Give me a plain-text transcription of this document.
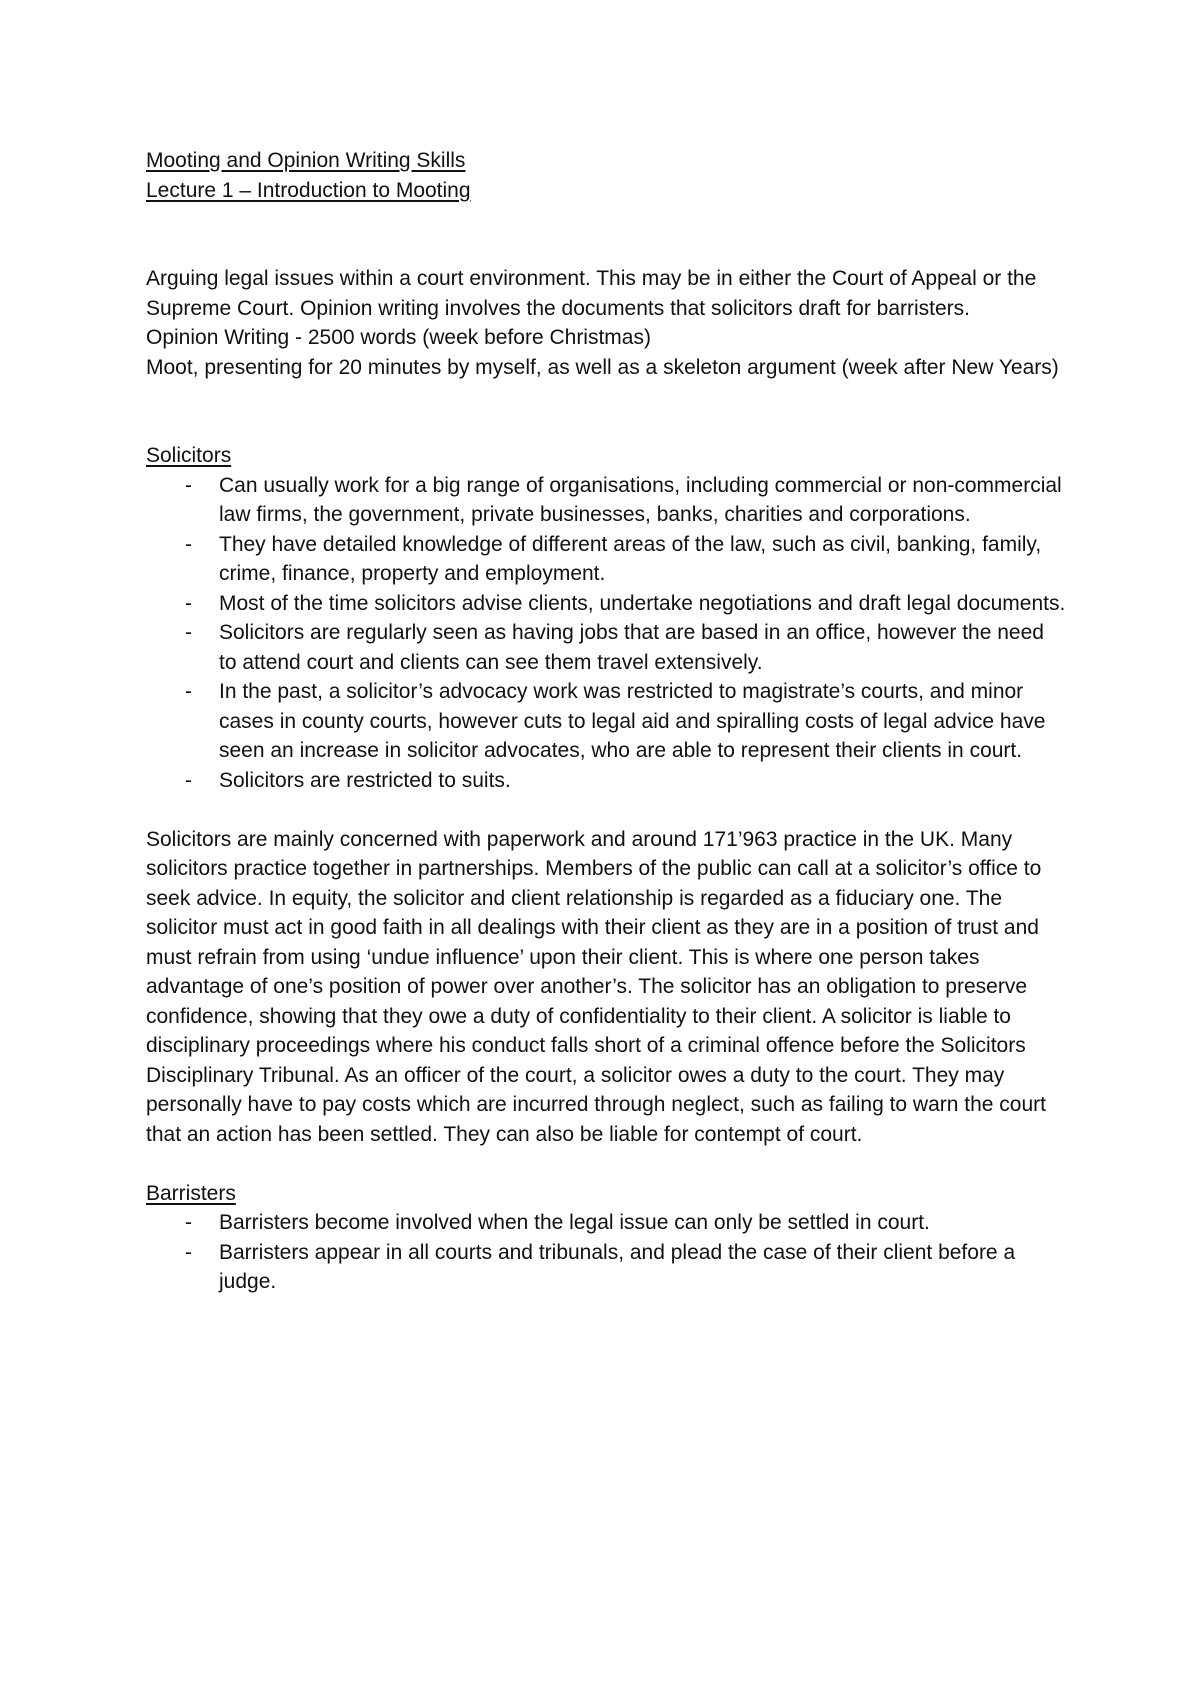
Mooting and Opinion Writing Skills

Lecture 1 – Introduction to Mooting

Arguing legal issues within a court environment. This may be in either the Court of Appeal or the Supreme Court. Opinion writing involves the documents that solicitors draft for barristers.

Opinion Writing - 2500 words (week before Christmas)

Moot, presenting for 20 minutes by myself, as well as a skeleton argument (week after New Years)

Solicitors

- Can usually work for a big range of organisations, including commercial or non-commercial law firms, the government, private businesses, banks, charities and corporations.
- They have detailed knowledge of different areas of the law, such as civil, banking, family, crime, finance, property and employment.
- Most of the time solicitors advise clients, undertake negotiations and draft legal documents.
- Solicitors are regularly seen as having jobs that are based in an office, however the need to attend court and clients can see them travel extensively.
- In the past, a solicitor’s advocacy work was restricted to magistrate’s courts, and minor cases in county courts, however cuts to legal aid and spiralling costs of legal advice have seen an increase in solicitor advocates, who are able to represent their clients in court.
- Solicitors are restricted to suits.

Solicitors are mainly concerned with paperwork and around 171’963 practice in the UK. Many solicitors practice together in partnerships. Members of the public can call at a solicitor’s office to seek advice. In equity, the solicitor and client relationship is regarded as a fiduciary one. The solicitor must act in good faith in all dealings with their client as they are in a position of trust and must refrain from using ‘undue influence’ upon their client. This is where one person takes advantage of one’s position of power over another’s. The solicitor has an obligation to preserve confidence, showing that they owe a duty of confidentiality to their client. A solicitor is liable to disciplinary proceedings where his conduct falls short of a criminal offence before the Solicitors Disciplinary Tribunal. As an officer of the court, a solicitor owes a duty to the court. They may personally have to pay costs which are incurred through neglect, such as failing to warn the court that an action has been settled. They can also be liable for contempt of court.

Barristers

- Barristers become involved when the legal issue can only be settled in court.
- Barristers appear in all courts and tribunals, and plead the case of their client before a judge.
